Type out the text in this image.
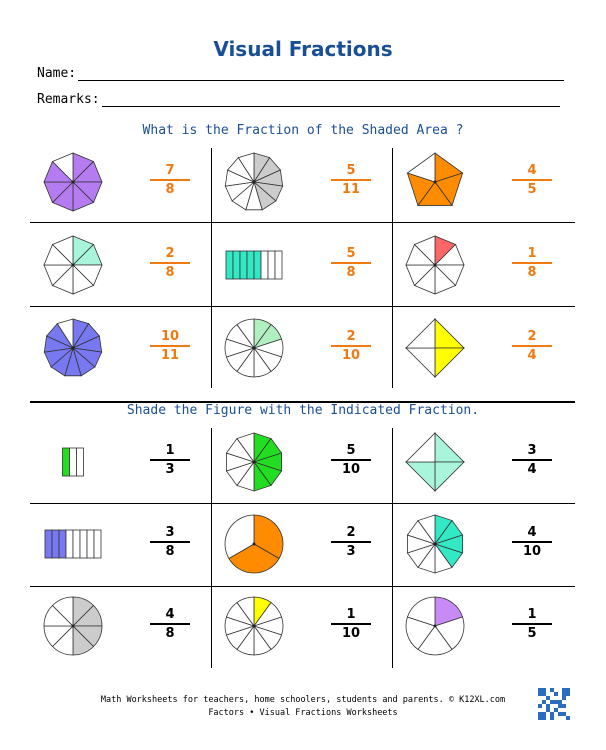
Visual Fractions
Name:
Remarks:
What is the Fraction of the Shaded Area ?
Shade the Figure with the Indicated Fraction.
7
8
5
11
4
5
2
8
5
8
1
8
10
11
2
10
2
4
1
3
5
10
3
4
3
8
2
3
4
10
4
8
1
10
1
5
Math Worksheets for teachers, home schoolers, students and parents. © K12XL.com
Factors • Visual Fractions Worksheets
